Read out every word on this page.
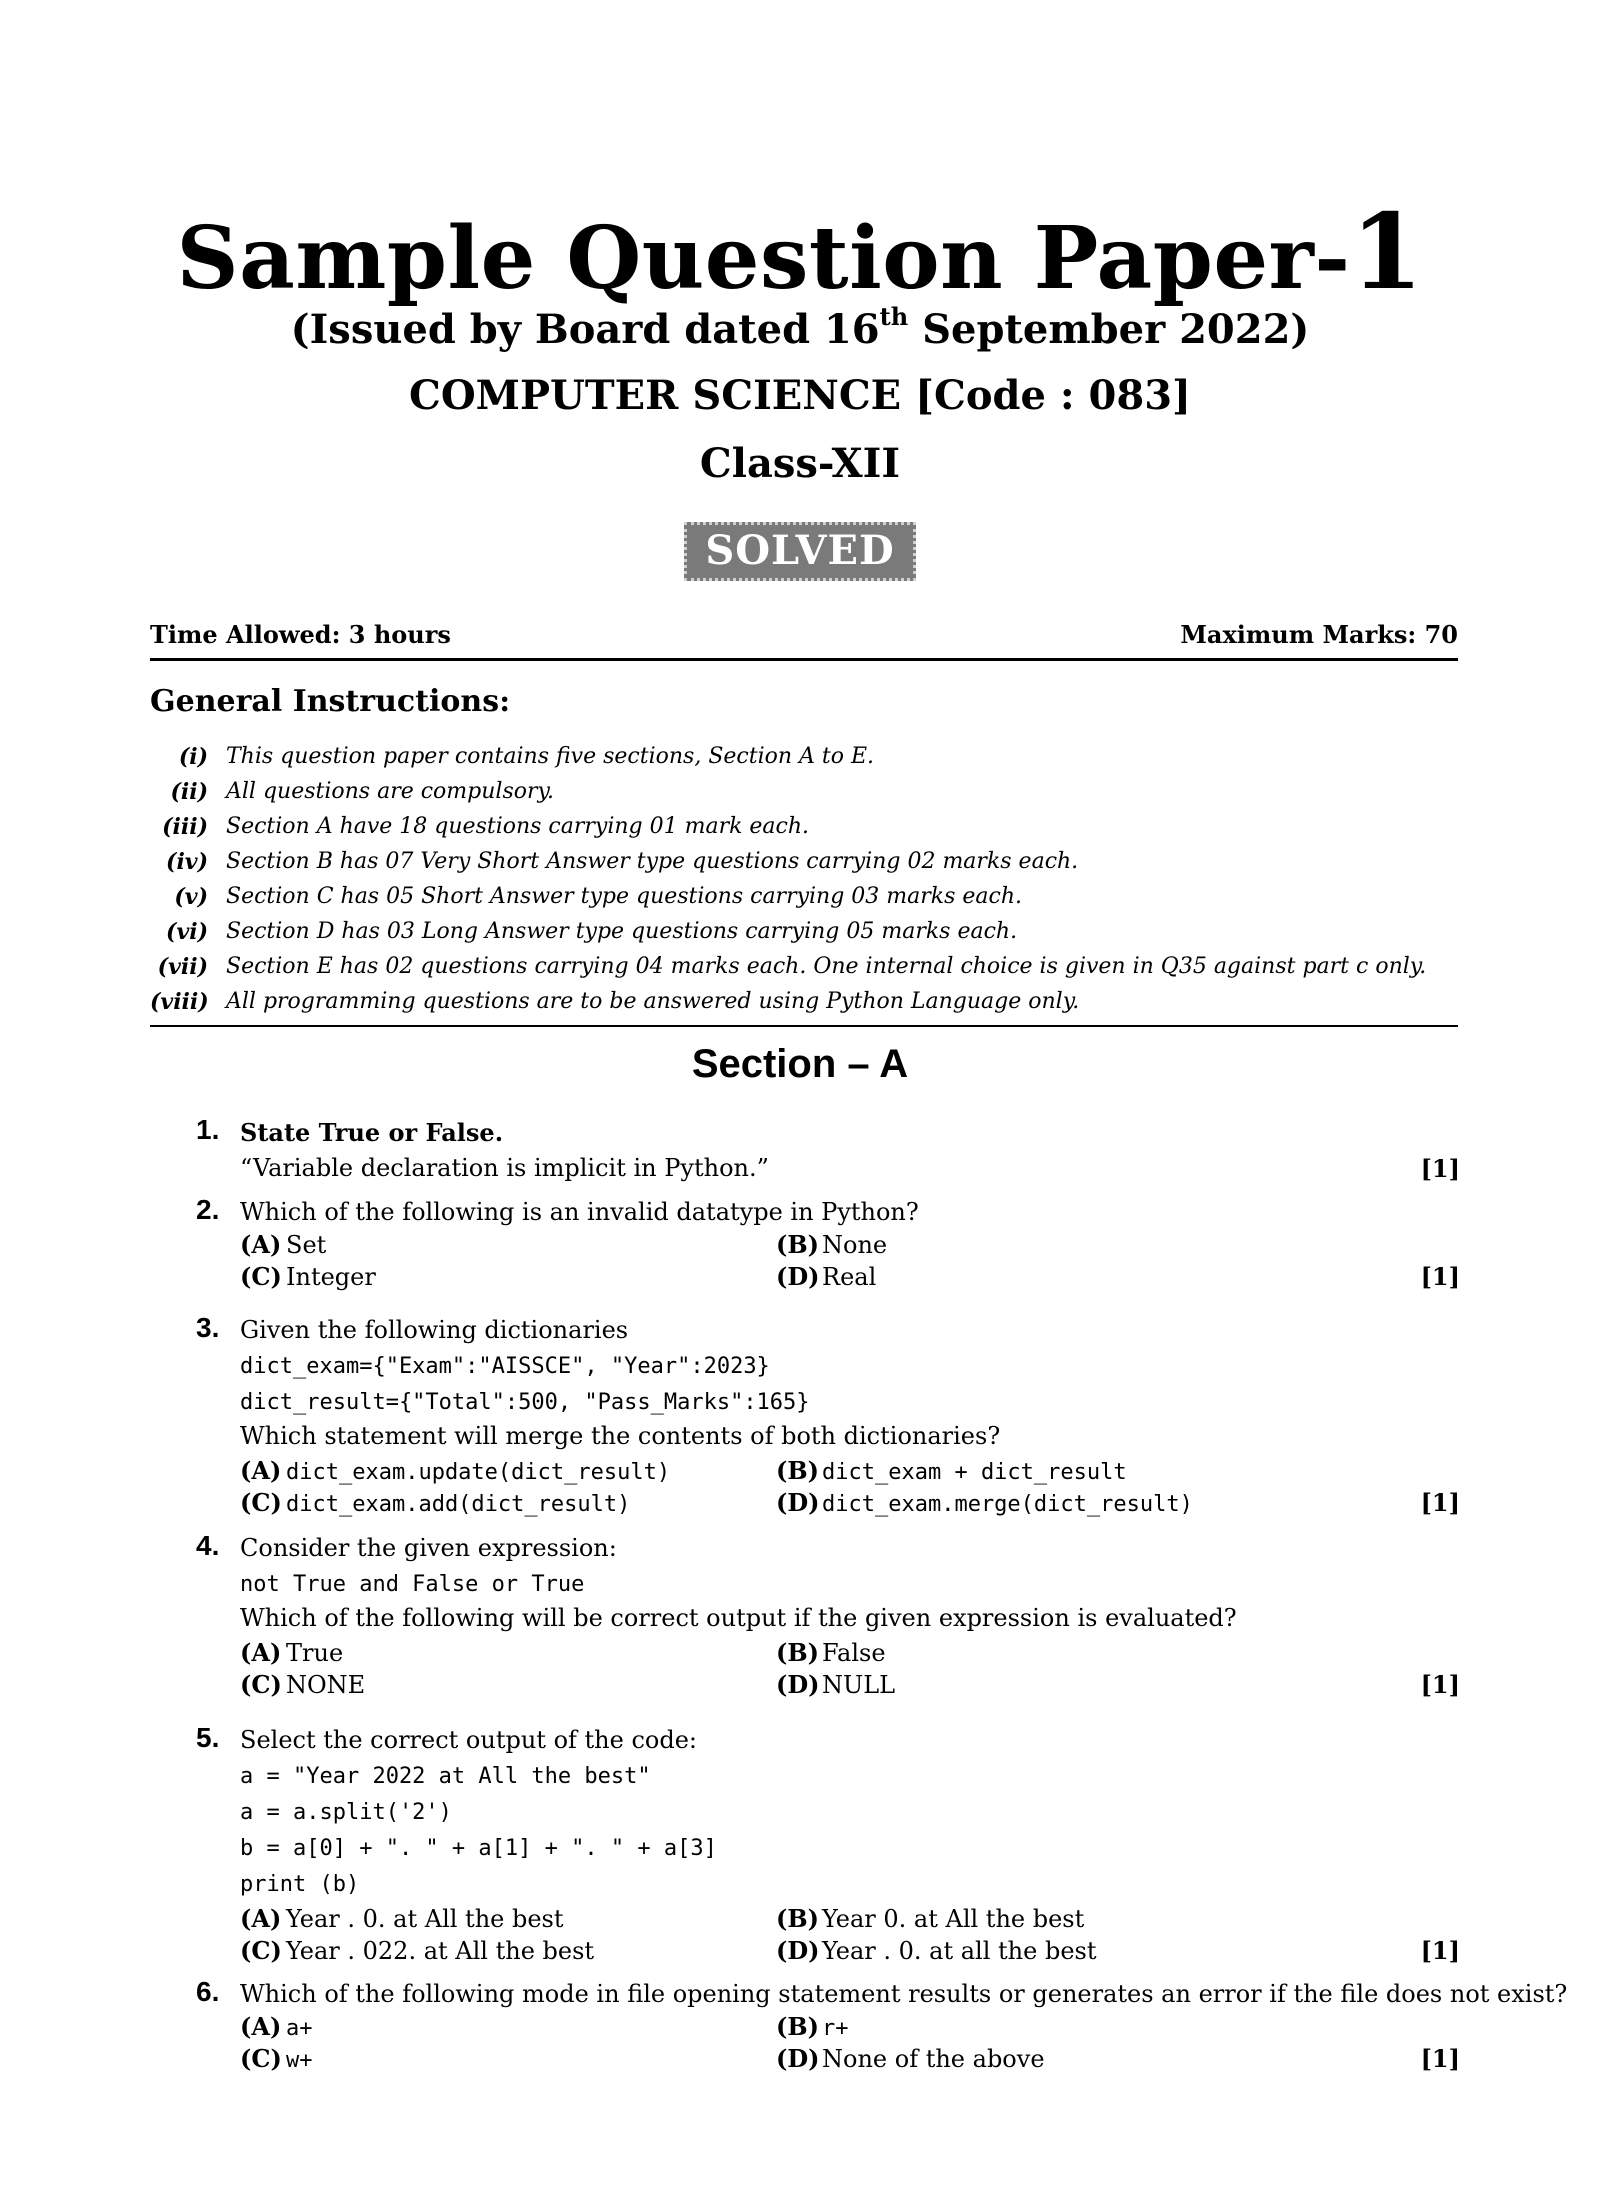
Sample Question Paper-1
(Issued by Board dated 16th September 2022)
COMPUTER SCIENCE [Code : 083]
Class-XII
SOLVED
Time Allowed: 3 hours	Maximum Marks: 70
General Instructions:
(i) This question paper contains five sections, Section A to E.
(ii) All questions are compulsory.
(iii) Section A have 18 questions carrying 01 mark each.
(iv) Section B has 07 Very Short Answer type questions carrying 02 marks each.
(v) Section C has 05 Short Answer type questions carrying 03 marks each.
(vi) Section D has 03 Long Answer type questions carrying 05 marks each.
(vii) Section E has 02 questions carrying 04 marks each. One internal choice is given in Q35 against part c only.
(viii) All programming questions are to be answered using Python Language only.
Section – A
1. State True or False.
“Variable declaration is implicit in Python.”	[1]
2. Which of the following is an invalid datatype in Python?
(A) Set	(B) None
(C) Integer	(D) Real	[1]
3. Given the following dictionaries
dict_exam={"Exam":"AISSCE", "Year":2023}
dict_result={"Total":500, "Pass_Marks":165}
Which statement will merge the contents of both dictionaries?
(A) dict_exam.update(dict_result)	(B) dict_exam + dict_result
(C) dict_exam.add(dict_result)	(D) dict_exam.merge(dict_result)	[1]
4. Consider the given expression:
not True and False or True
Which of the following will be correct output if the given expression is evaluated?
(A) True	(B) False
(C) NONE	(D) NULL	[1]
5. Select the correct output of the code:
a = "Year 2022 at All the best"
a = a.split('2')
b = a[0] + ". " + a[1] + ". " + a[3]
print (b)
(A) Year . 0. at All the best	(B) Year 0. at All the best
(C) Year . 022. at All the best	(D) Year . 0. at all the best	[1]
6. Which of the following mode in file opening statement results or generates an error if the file does not exist?
(A) a+	(B) r+
(C) w+	(D) None of the above	[1]
